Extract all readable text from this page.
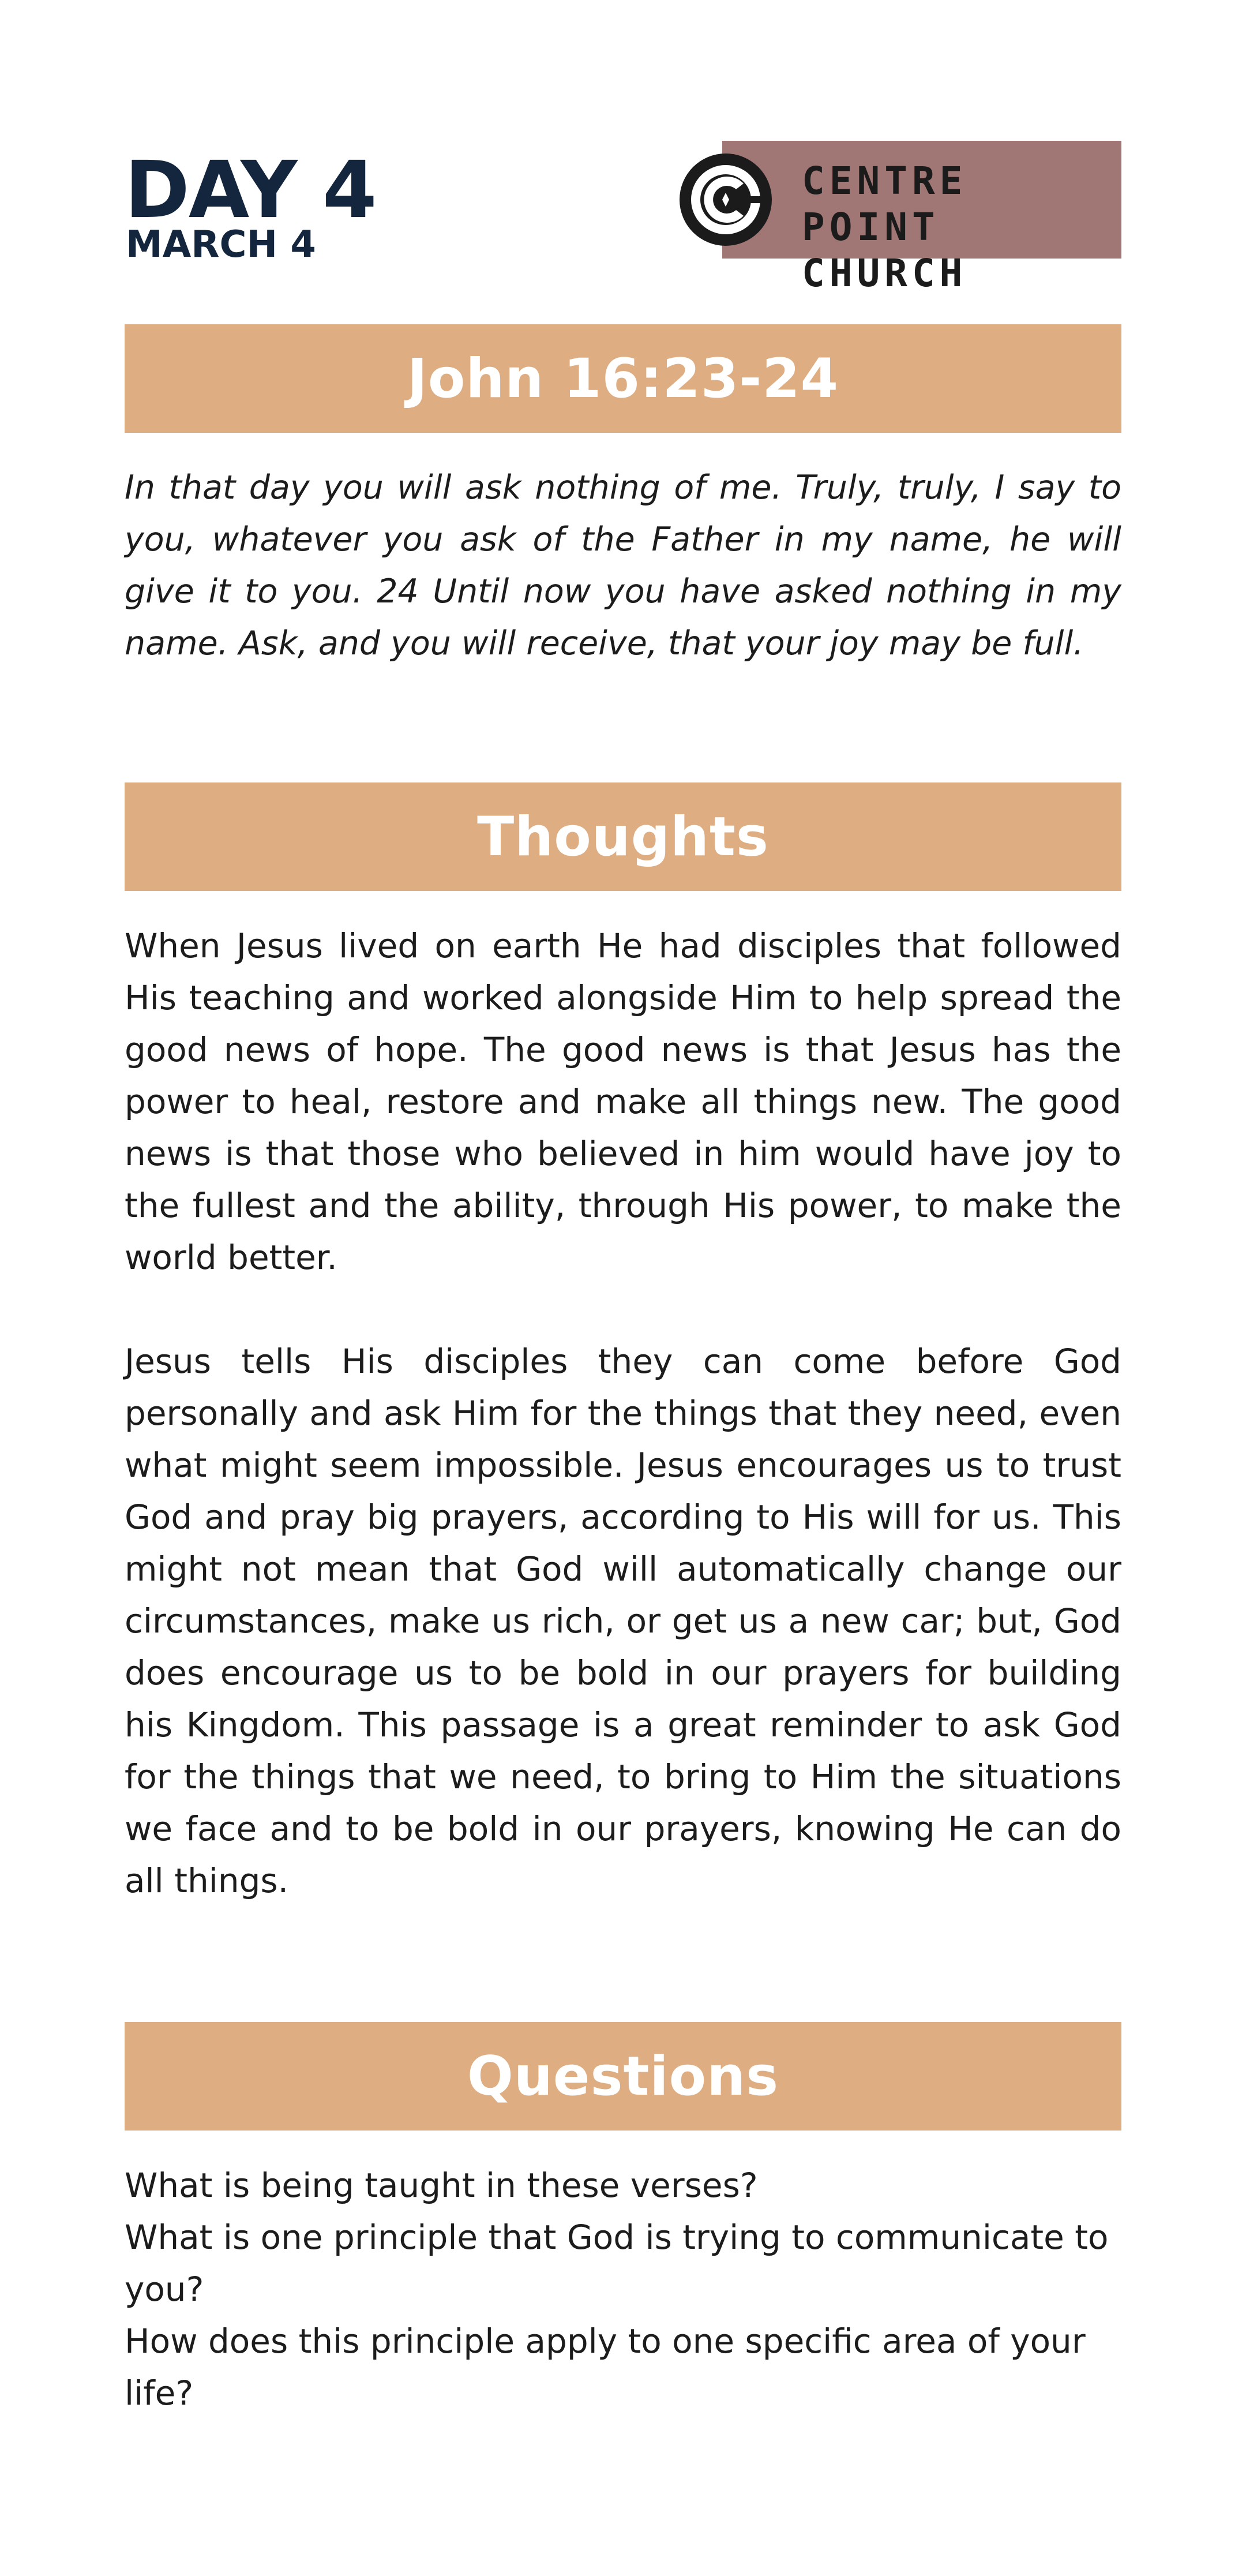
DAY 4
MARCH 4
CENTRE POINT
CHURCH
John 16:23-24

In that day you will ask nothing of me. Truly, truly, I say to you, whatever you ask of the Father in my name, he will give it to you. 24 Until now you have asked nothing in my name. Ask, and you will receive, that your joy may be full.

Thoughts

When Jesus lived on earth He had disciples that followed His teaching and worked alongside Him to help spread the good news of hope. The good news is that Jesus has the power to heal, restore and make all things new. The good news is that those who believed in him would have joy to the fullest and the ability, through His power, to make the world better.

Jesus tells His disciples they can come before God personally and ask Him for the things that they need, even what might seem impossible. Jesus encourages us to trust God and pray big prayers, according to His will for us. This might not mean that God will automatically change our circumstances, make us rich, or get us a new car; but, God does encourage us to be bold in our prayers for building his Kingdom. This passage is a great reminder to ask God for the things that we need, to bring to Him the situations we face and to be bold in our prayers, knowing He can do all things.

Questions
What is being taught in these verses?
What is one principle that God is trying to communicate to you?
How does this principle apply to one specific area of your life?
